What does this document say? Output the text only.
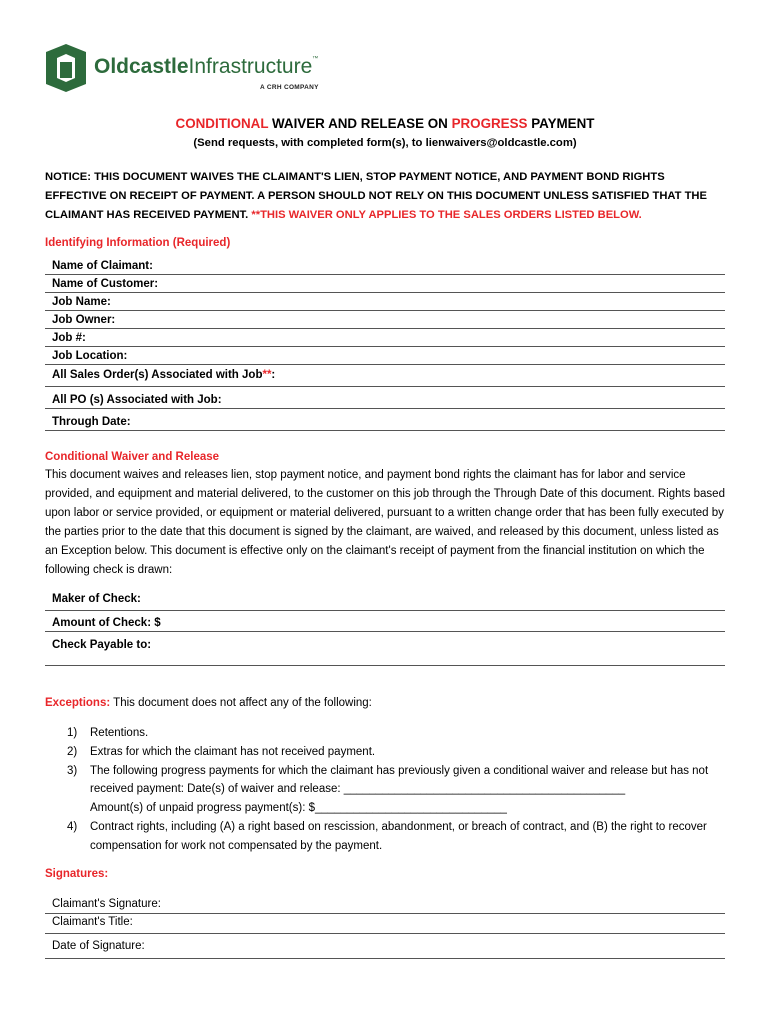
OldcastleInfrastructure™
A CRH COMPANY
CONDITIONAL WAIVER AND RELEASE ON PROGRESS PAYMENT
(Send requests, with completed form(s), to lienwaivers@oldcastle.com)
NOTICE: THIS DOCUMENT WAIVES THE CLAIMANT'S LIEN, STOP PAYMENT NOTICE, AND PAYMENT BOND RIGHTS EFFECTIVE ON RECEIPT OF PAYMENT. A PERSON SHOULD NOT RELY ON THIS DOCUMENT UNLESS SATISFIED THAT THE CLAIMANT HAS RECEIVED PAYMENT. **THIS WAIVER ONLY APPLIES TO THE SALES ORDERS LISTED BELOW.
Identifying Information (Required)
Name of Claimant:
Name of Customer:
Job Name:
Job Owner:
Job #:
Job Location:
All Sales Order(s) Associated with Job**:
All PO (s) Associated with Job:
Through Date:
Conditional Waiver and Release
This document waives and releases lien, stop payment notice, and payment bond rights the claimant has for labor and service provided, and equipment and material delivered, to the customer on this job through the Through Date of this document. Rights based upon labor or service provided, or equipment or material delivered, pursuant to a written change order that has been fully executed by the parties prior to the date that this document is signed by the claimant, are waived, and released by this document, unless listed as an Exception below. This document is effective only on the claimant's receipt of payment from the financial institution on which the following check is drawn:
Maker of Check:
Amount of Check: $
Check Payable to:
Exceptions: This document does not affect any of the following:
1)	Retentions.
2)	Extras for which the claimant has not received payment.
3)	The following progress payments for which the claimant has previously given a conditional waiver and release but has not received payment: Date(s) of waiver and release: ____________________________________________
Amount(s) of unpaid progress payment(s): $______________________________
4)	Contract rights, including (A) a right based on rescission, abandonment, or breach of contract, and (B) the right to recover compensation for work not compensated by the payment.
Signatures:
Claimant's Signature:
Claimant's Title:
Date of Signature:
